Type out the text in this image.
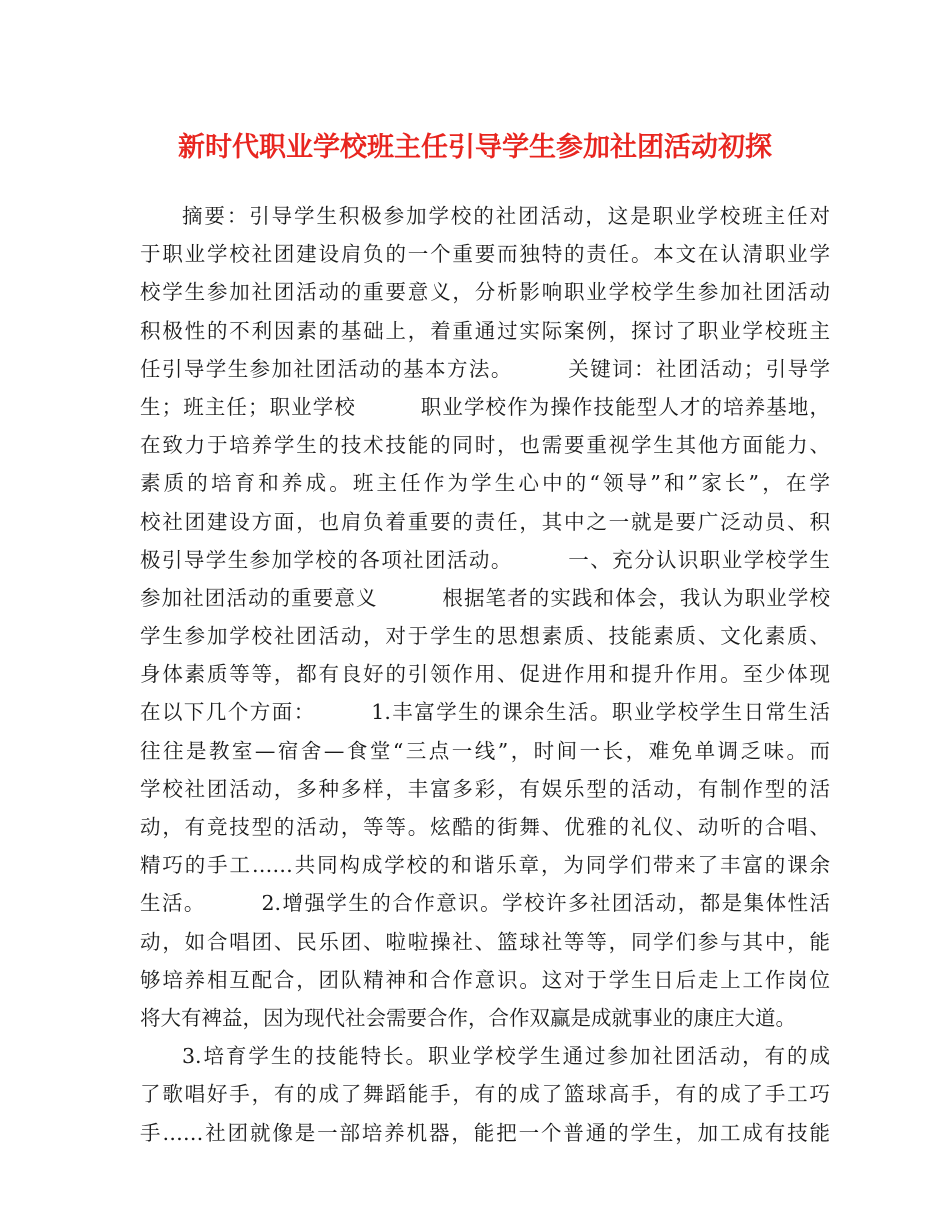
新时代职业学校班主任引导学生参加社团活动初探
摘要：引导学生积极参加学校的社团活动，这是职业学校班主任对
于职业学校社团建设肩负的一个重要而独特的责任。本文在认清职业学
校学生参加社团活动的重要意义，分析影响职业学校学生参加社团活动
积极性的不利因素的基础上，着重通过实际案例，探讨了职业学校班主
任引导学生参加社团活动的基本方法。　　　关键词：社团活动；引导学
生；班主任；职业学校　　　职业学校作为操作技能型人才的培养基地，
在致力于培养学生的技术技能的同时，也需要重视学生其他方面能力、
素质的培育和养成。班主任作为学生心中的“领导”和”家长”，在学
校社团建设方面，也肩负着重要的责任，其中之一就是要广泛动员、积
极引导学生参加学校的各项社团活动。　　　一、充分认识职业学校学生
参加社团活动的重要意义　　　根据笔者的实践和体会，我认为职业学校
学生参加学校社团活动，对于学生的思想素质、技能素质、文化素质、
身体素质等等，都有良好的引领作用、促进作用和提升作用。至少体现
在以下几个方面：　　　1.丰富学生的课余生活。职业学校学生日常生活
往往是教室—宿舍—食堂“三点一线”，时间一长，难免单调乏味。而
学校社团活动，多种多样，丰富多彩，有娱乐型的活动，有制作型的活
动，有竞技型的活动，等等。炫酷的街舞、优雅的礼仪、动听的合唱、
精巧的手工……共同构成学校的和谐乐章，为同学们带来了丰富的课余
生活。　　　2.增强学生的合作意识。学校许多社团活动，都是集体性活
动，如合唱团、民乐团、啦啦操社、篮球社等等，同学们参与其中，能
够培养相互配合，团队精神和合作意识。这对于学生日后走上工作岗位
将大有裨益，因为现代社会需要合作，合作双赢是成就事业的康庄大道。
3.培育学生的技能特长。职业学校学生通过参加社团活动，有的成
了歌唱好手，有的成了舞蹈能手，有的成了篮球高手，有的成了手工巧
手……社团就像是一部培养机器，能把一个普通的学生，加工成有技能
